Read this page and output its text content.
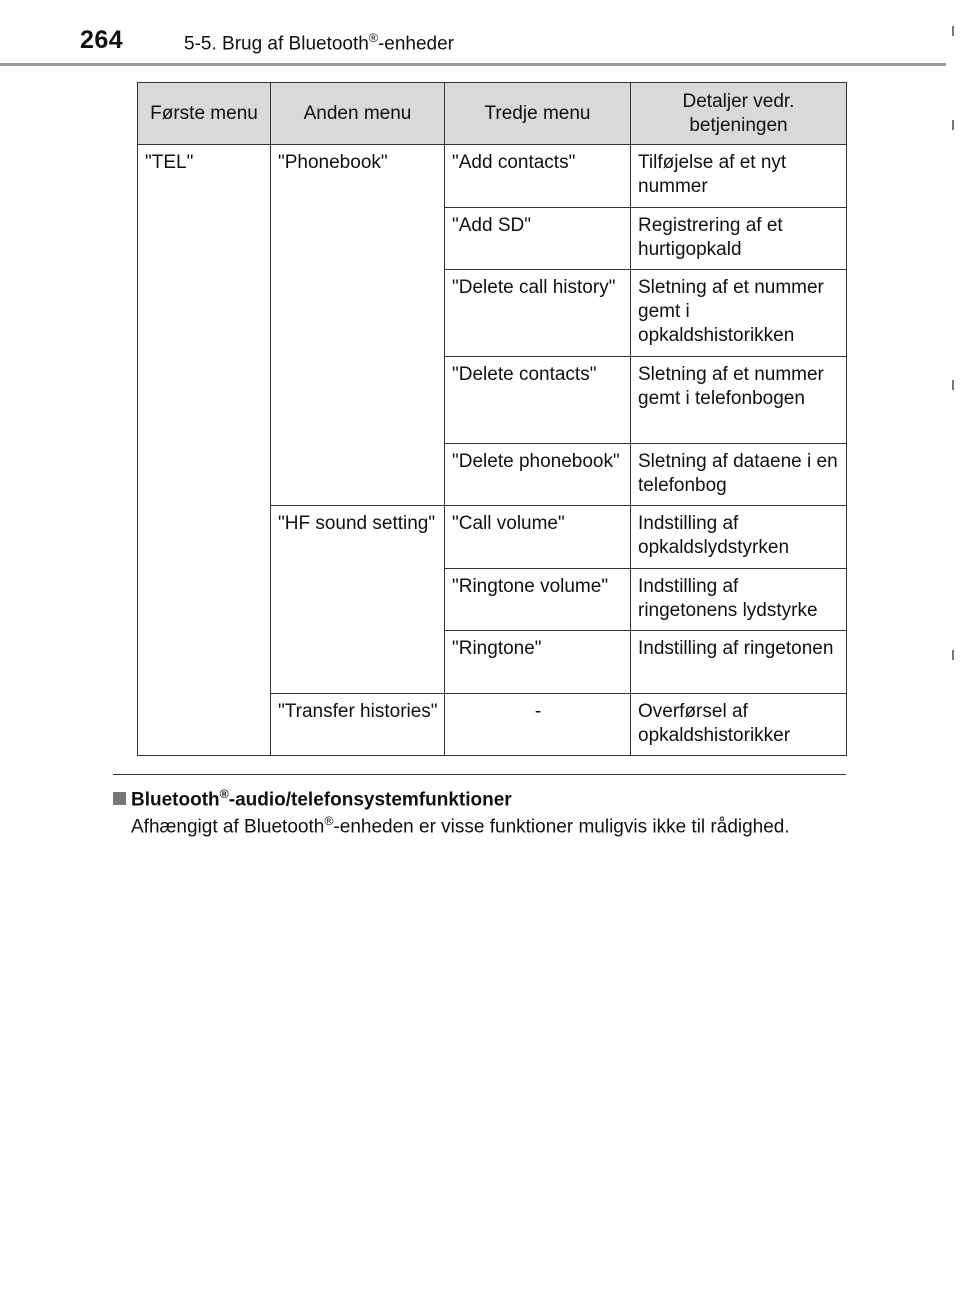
264	5-5. Brug af Bluetooth®-enheder
Første menu	Anden menu	Tredje menu	Detaljer vedr. betjeningen
"TEL"	"Phonebook"	"Add contacts"	Tilføjelse af et nyt nummer
		"Add SD"	Registrering af et hurtigopkald
		"Delete call history"	Sletning af et nummer gemt i opkaldshistorikken
		"Delete contacts"	Sletning af et nummer gemt i telefonbogen
		"Delete phonebook"	Sletning af dataene i en telefonbog
	"HF sound setting"	"Call volume"	Indstilling af opkaldslydstyrken
		"Ringtone volume"	Indstilling af ringetonens lydstyrke
		"Ringtone"	Indstilling af ringetonen
	"Transfer histories"	-	Overførsel af opkaldshistorikker
Bluetooth®-audio/telefonsystemfunktioner
Afhængigt af Bluetooth®-enheden er visse funktioner muligvis ikke til rådighed.
